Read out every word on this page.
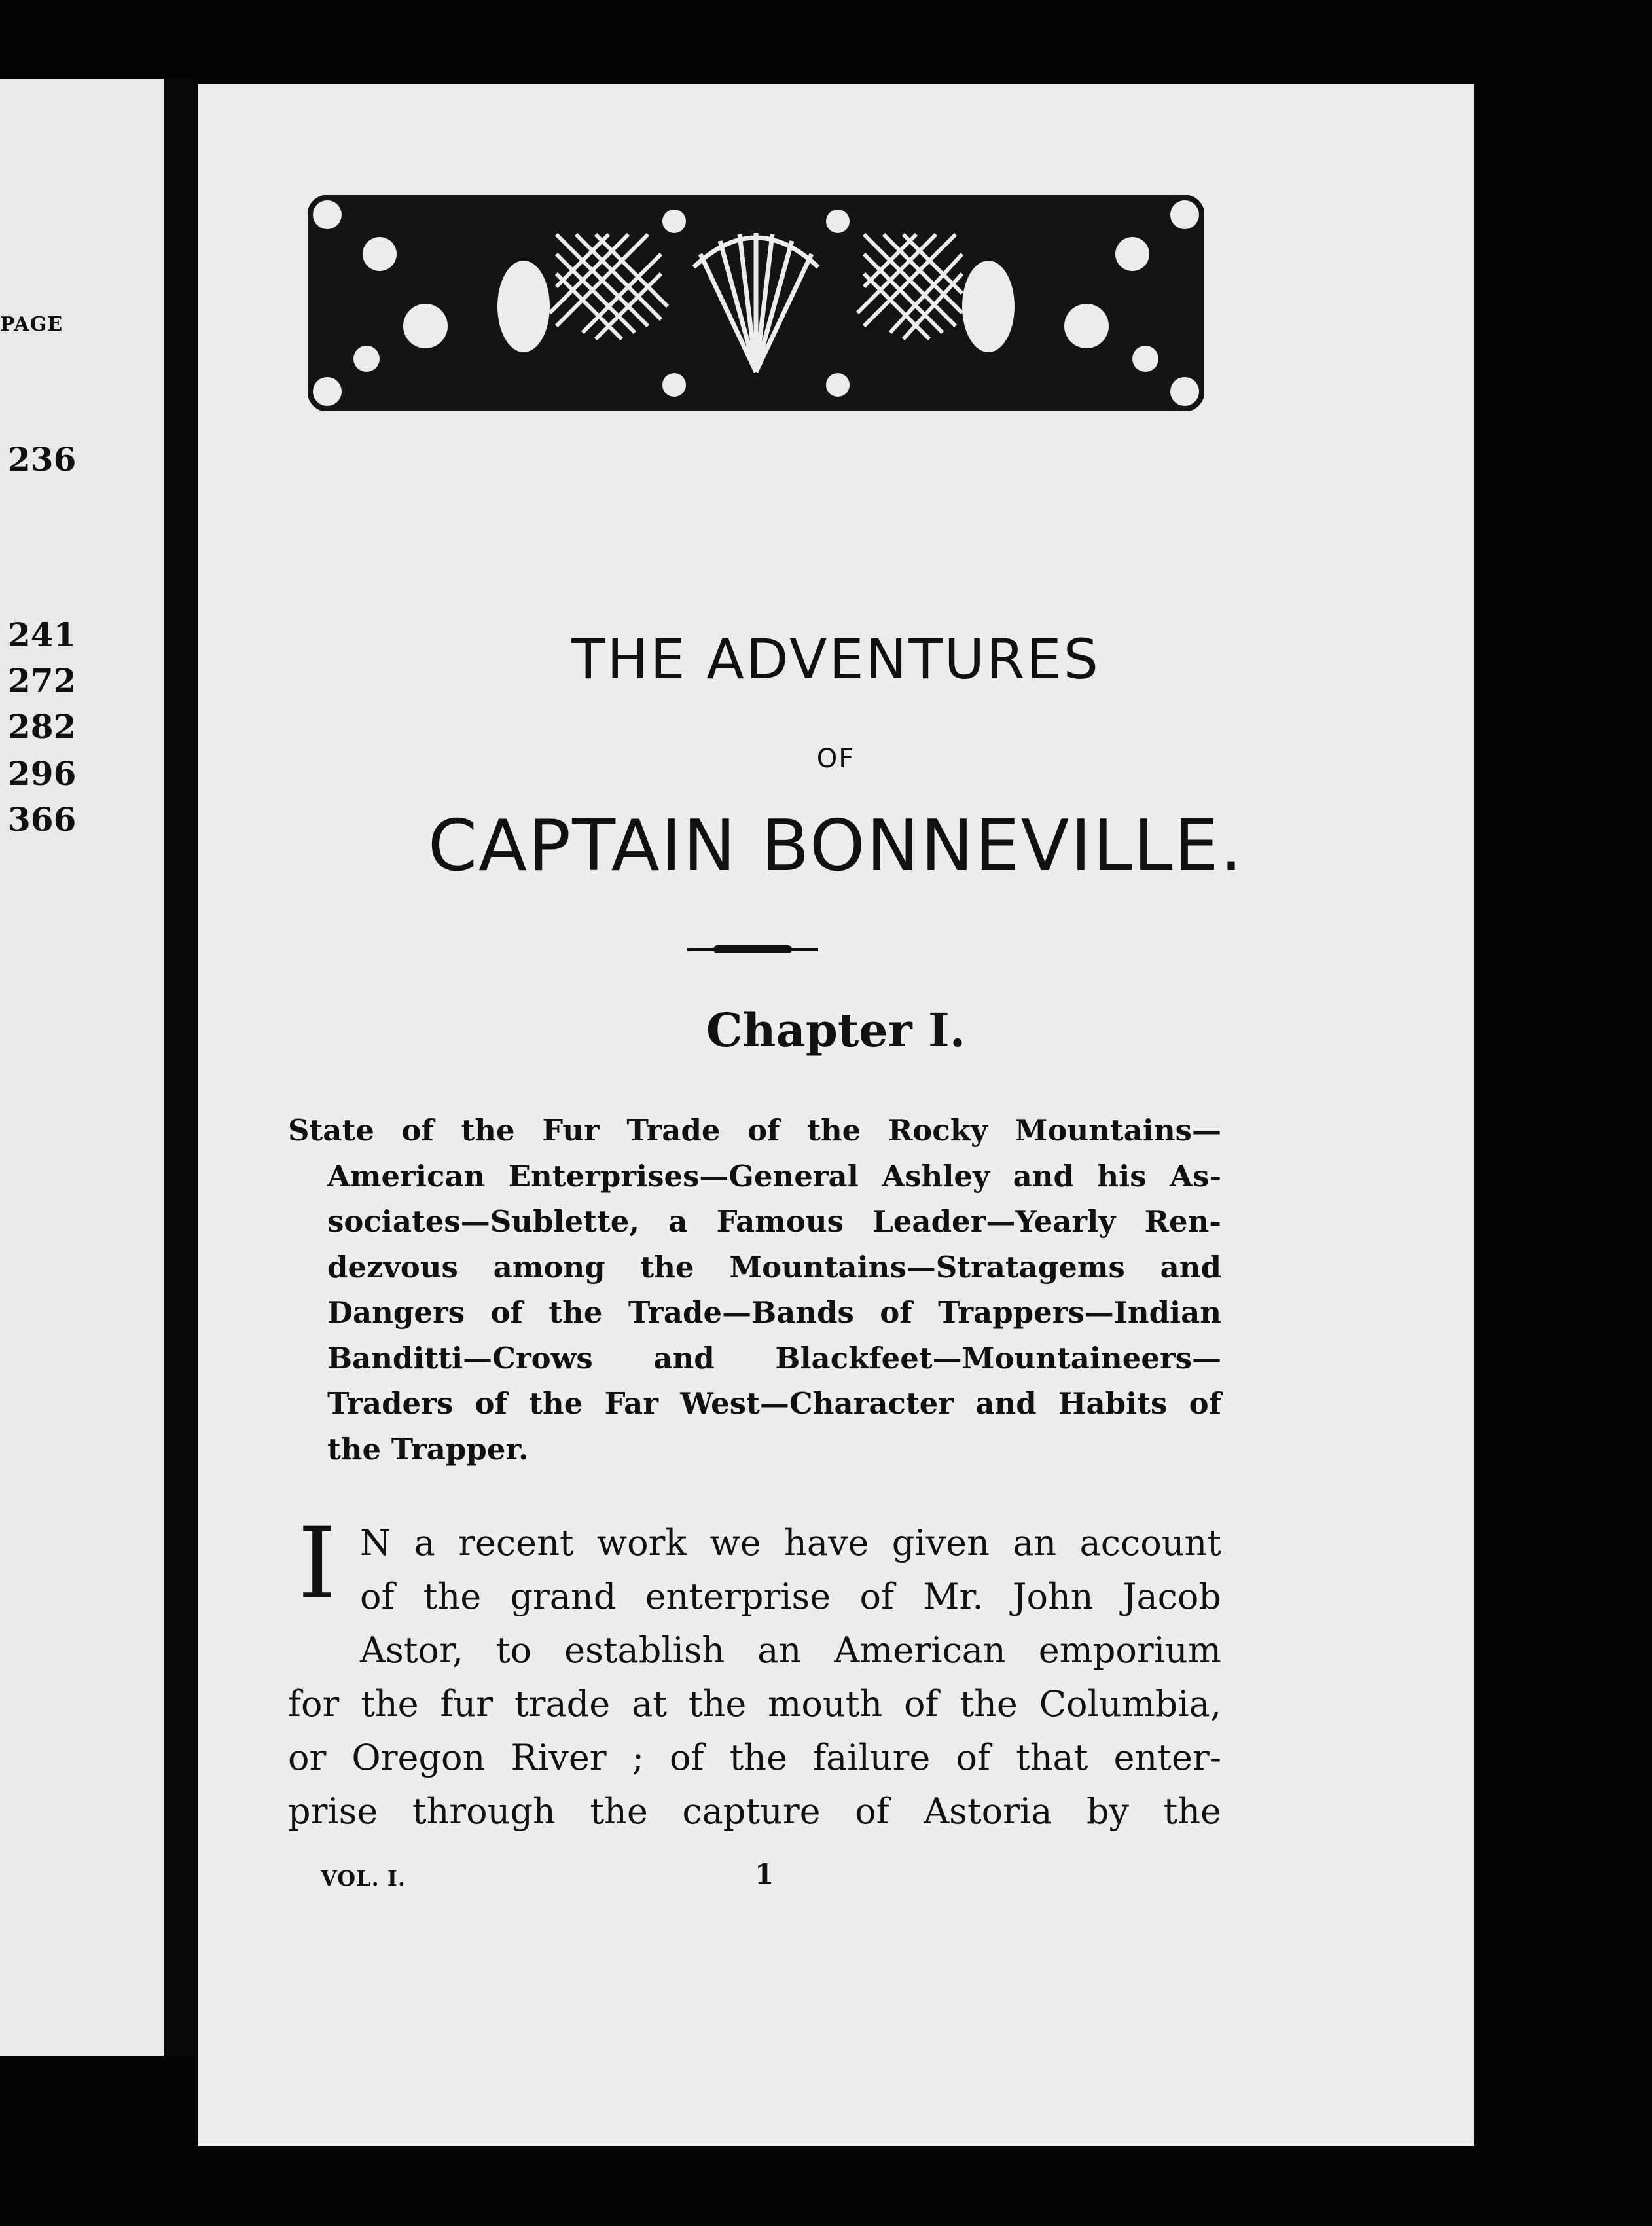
PAGE
236
241
272
282
296
366
THE ADVENTURES
OF
CAPTAIN BONNEVILLE.
Chapter I.
State of the Fur Trade of the Rocky Mountains—
American Enterprises—General Ashley and his As-
sociates—Sublette, a Famous Leader—Yearly Ren-
dezvous among the Mountains—Stratagems and
Dangers of the Trade—Bands of Trappers—Indian
Banditti—Crows and Blackfeet—Mountaineers—
Traders of the Far West—Character and Habits of
the Trapper.
I N a recent work we have given an account
of the grand enterprise of Mr. John Jacob
Astor, to establish an American emporium
for the fur trade at the mouth of the Columbia,
or Oregon River ; of the failure of that enter-
prise through the capture of Astoria by the
VOL. I.	1
